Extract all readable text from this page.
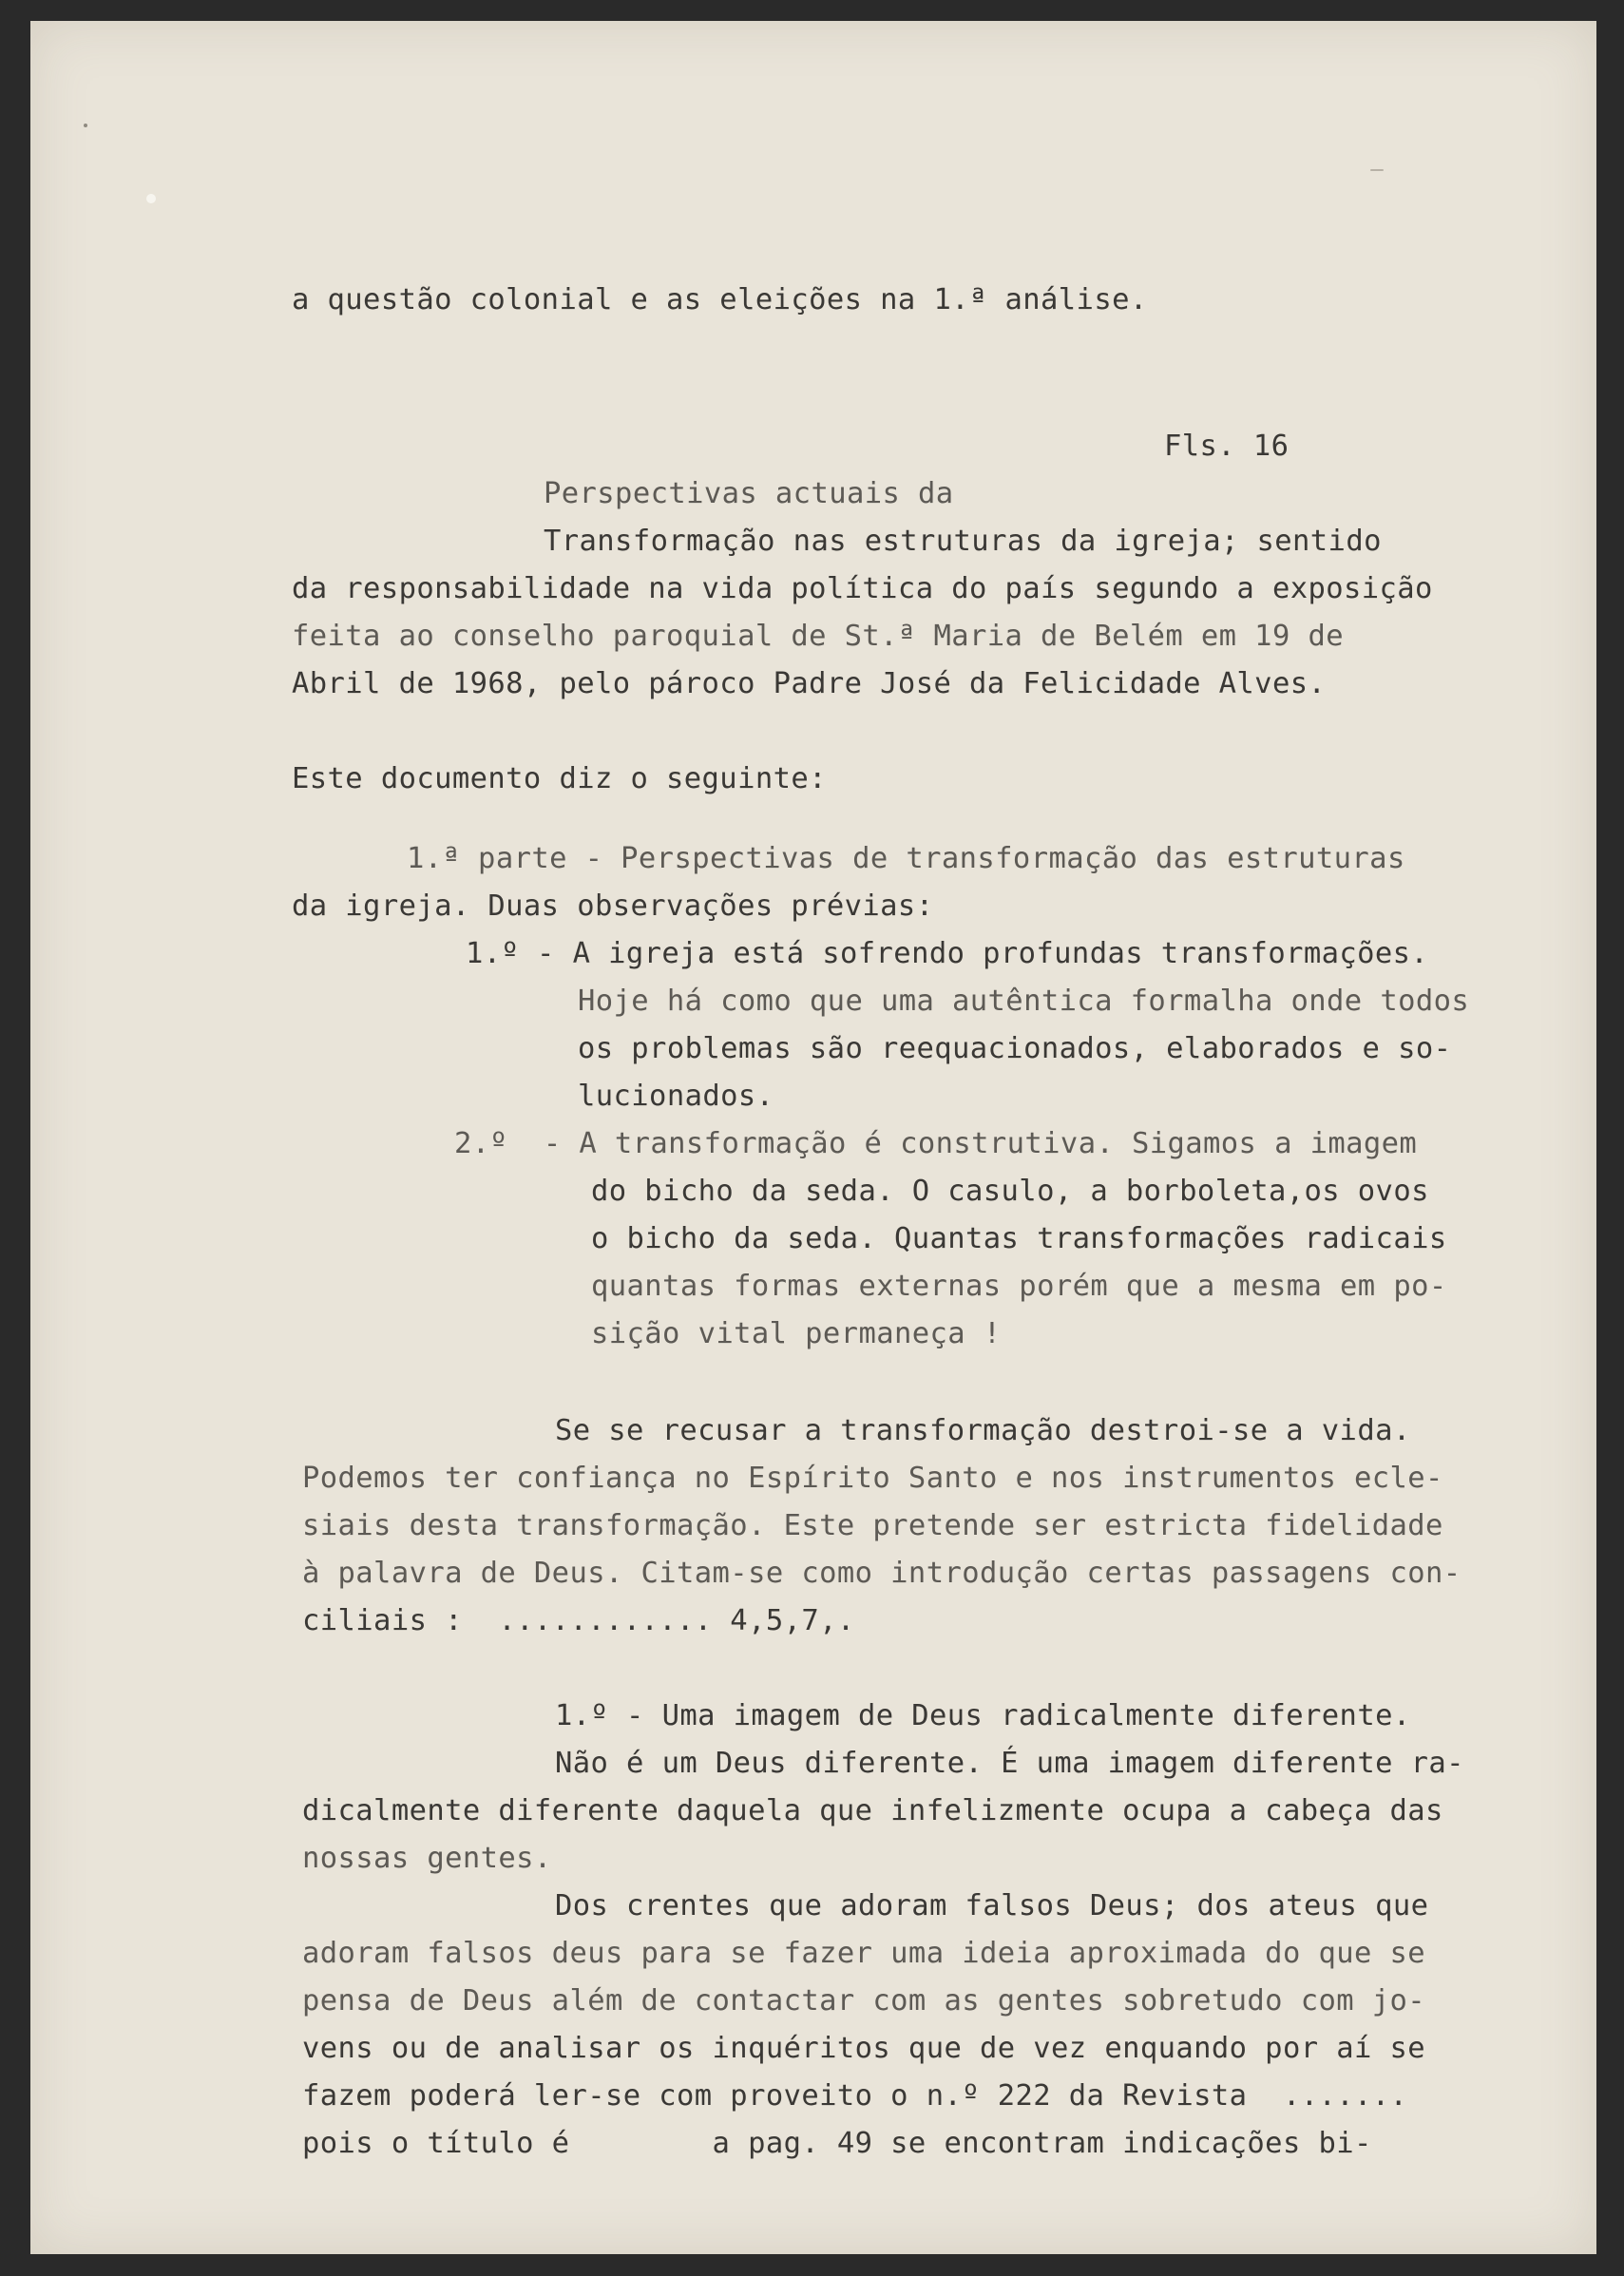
a questão colonial e as eleições na 1.ª análise.
Fls. 16
Perspectivas actuais da
Transformação nas estruturas da igreja; sentido
da responsabilidade na vida política do país segundo a exposição
feita ao conselho paroquial de St.ª Maria de Belém em 19 de
Abril de 1968, pelo pároco Padre José da Felicidade Alves.
Este documento diz o seguinte:
1.ª parte - Perspectivas de transformação das estruturas
da igreja. Duas observações prévias:
1.º - A igreja está sofrendo profundas transformações.
Hoje há como que uma autêntica formalha onde todos
os problemas são reequacionados, elaborados e so-
lucionados.
2.º  - A transformação é construtiva. Sigamos a imagem
do bicho da seda. O casulo, a borboleta,os ovos
o bicho da seda. Quantas transformações radicais
quantas formas externas porém que a mesma em po-
sição vital permaneça !
Se se recusar a transformação destroi-se a vida.
Podemos ter confiança no Espírito Santo e nos instrumentos ecle-
siais desta transformação. Este pretende ser estricta fidelidade
à palavra de Deus. Citam-se como introdução certas passagens con-
ciliais :  ............ 4,5,7,.
1.º - Uma imagem de Deus radicalmente diferente.
Não é um Deus diferente. É uma imagem diferente ra-
dicalmente diferente daquela que infelizmente ocupa a cabeça das
nossas gentes.
Dos crentes que adoram falsos Deus; dos ateus que
adoram falsos deus para se fazer uma ideia aproximada do que se
pensa de Deus além de contactar com as gentes sobretudo com jo-
vens ou de analisar os inquéritos que de vez enquando por aí se
fazem poderá ler-se com proveito o n.º 222 da Revista  .......
pois o título é        a pag. 49 se encontram indicações bi-
